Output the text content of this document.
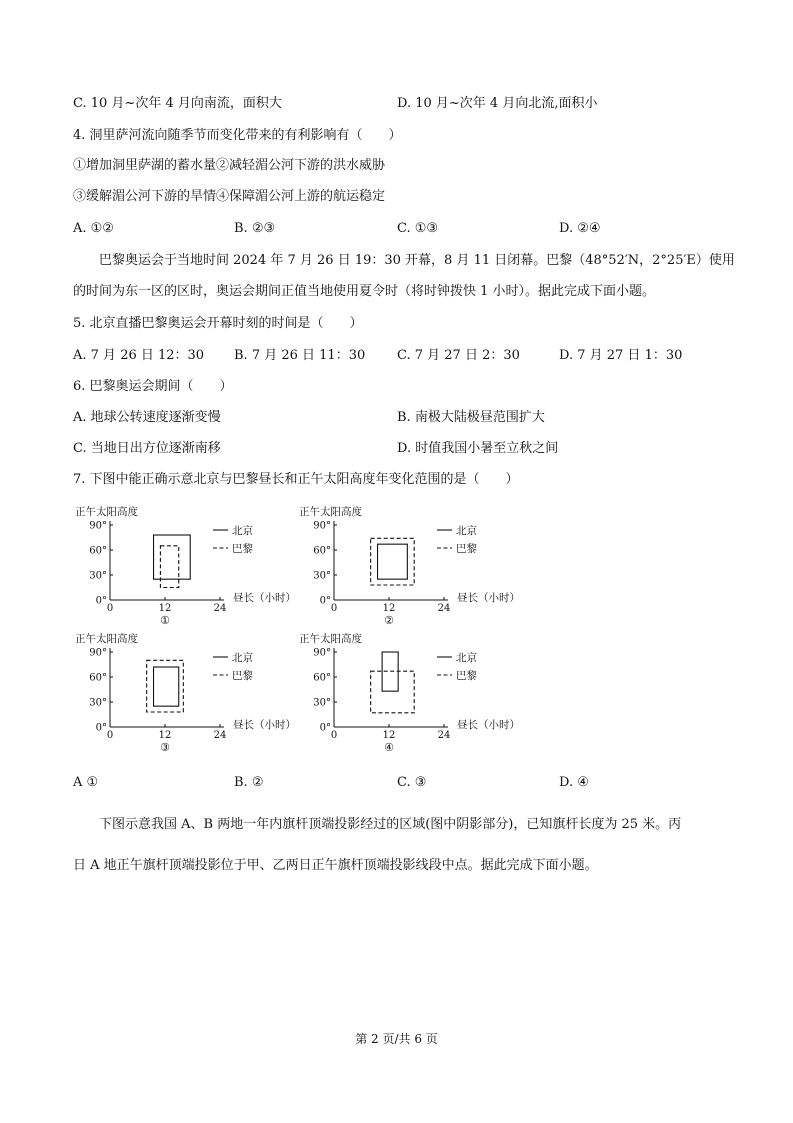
C. 10 月~次年 4 月向南流，面积大	D. 10 月~次年 4 月向北流,面积小
4. 洞里萨河流向随季节而变化带来的有利影响有（　　）
①增加洞里萨湖的蓄水量②减轻湄公河下游的洪水威胁
③缓解湄公河下游的旱情④保障湄公河上游的航运稳定
A. ①②	B. ②③	C. ①③	D. ②④
巴黎奥运会于当地时间 2024 年 7 月 26 日 19：30 开幕，8 月 11 日闭幕。巴黎（48°52′N，2°25′E）使用
的时间为东一区的区时，奥运会期间正值当地使用夏令时（将时钟拨快 1 小时）。据此完成下面小题。
5. 北京直播巴黎奥运会开幕时刻的时间是（　　）
A. 7 月 26 日 12：30 B. 7 月 26 日 11：30 C. 7 月 27 日 2：30	D. 7 月 27 日 1：30
6. 巴黎奥运会期间（　　）
A. 地球公转速度逐渐变慢	B. 南极大陆极昼范围扩大
C. 当地日出方位逐渐南移	D. 时值我国小暑至立秋之间
7. 下图中能正确示意北京与巴黎昼长和正午太阳高度年变化范围的是（　　）
正午太阳高度
90°
60°
30°
0°
0	12	24
昼长（小时）
北京
巴黎
①
正午太阳高度
90°
60°
30°
0°
0	12	24
昼长（小时）
北京
巴黎
②
正午太阳高度
90°
60°
30°
0°
0	12	24
昼长（小时）
北京
巴黎
③
正午太阳高度
90°
60°
30°
0°
0	12	24
昼长（小时）
北京
巴黎
④
A ①	B. ②	C. ③	D. ④
下图示意我国 A、B 两地一年内旗杆顶端投影经过的区域(图中阴影部分)，已知旗杆长度为 25 米。丙
日 A 地正午旗杆顶端投影位于甲、乙两日正午旗杆顶端投影线段中点。据此完成下面小题。
第 2 页/共 6 页
